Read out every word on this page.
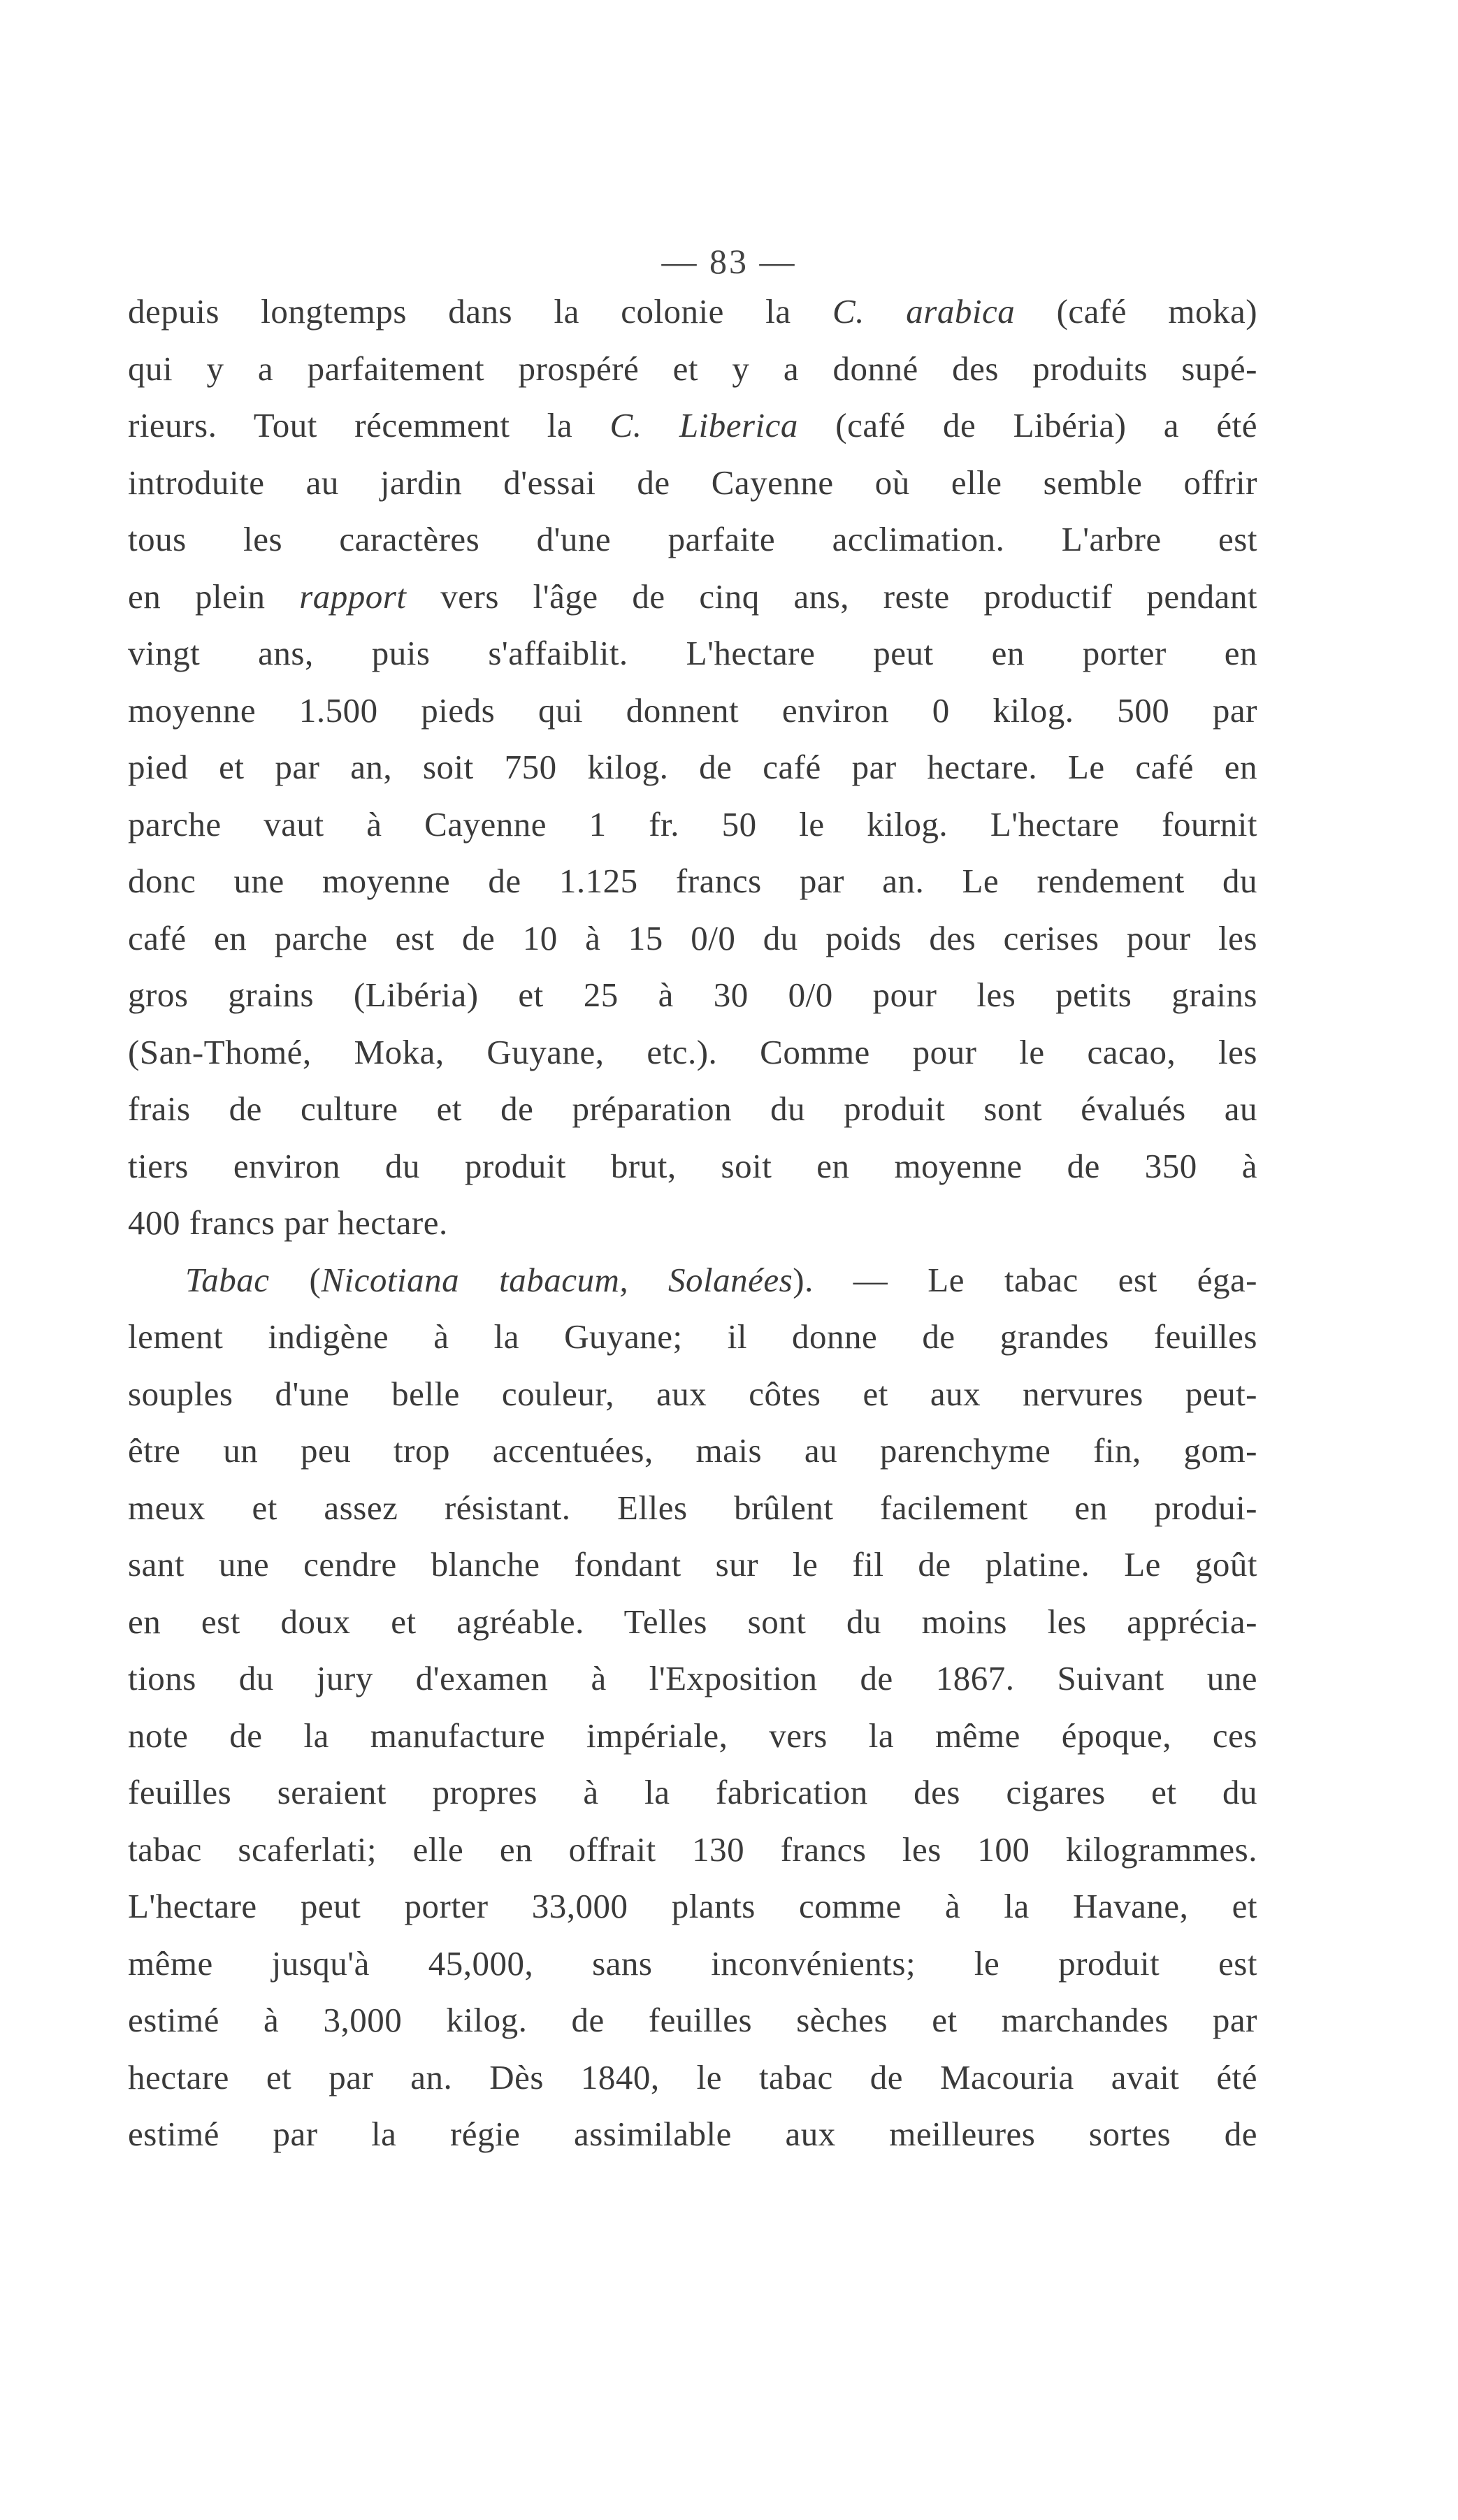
— 83 —
depuis longtemps dans la colonie la C. arabica (café moka)
qui y a parfaitement prospéré et y a donné des produits supé-
rieurs. Tout récemment la C. Liberica (café de Libéria) a été
introduite au jardin d'essai de Cayenne où elle semble offrir
tous les caractères d'une parfaite acclimation. L'arbre est
en plein rapport vers l'âge de cinq ans, reste productif pendant
vingt ans, puis s'affaiblit. L'hectare peut en porter en
moyenne 1.500 pieds qui donnent environ 0 kilog. 500 par
pied et par an, soit 750 kilog. de café par hectare. Le café en
parche vaut à Cayenne 1 fr. 50 le kilog. L'hectare fournit
donc une moyenne de 1.125 francs par an. Le rendement du
café en parche est de 10 à 15 0/0 du poids des cerises pour les
gros grains (Libéria) et 25 à 30 0/0 pour les petits grains
(San-Thomé, Moka, Guyane, etc.). Comme pour le cacao, les
frais de culture et de préparation du produit sont évalués au
tiers environ du produit brut, soit en moyenne de 350 à
400 francs par hectare.
Tabac (Nicotiana tabacum, Solanées). — Le tabac est éga-
lement indigène à la Guyane; il donne de grandes feuilles
souples d'une belle couleur, aux côtes et aux nervures peut-
être un peu trop accentuées, mais au parenchyme fin, gom-
meux et assez résistant. Elles brûlent facilement en produi-
sant une cendre blanche fondant sur le fil de platine. Le goût
en est doux et agréable. Telles sont du moins les apprécia-
tions du jury d'examen à l'Exposition de 1867. Suivant une
note de la manufacture impériale, vers la même époque, ces
feuilles seraient propres à la fabrication des cigares et du
tabac scaferlati; elle en offrait 130 francs les 100 kilogrammes.
L'hectare peut porter 33,000 plants comme à la Havane, et
même jusqu'à 45,000, sans inconvénients; le produit est
estimé à 3,000 kilog. de feuilles sèches et marchandes par
hectare et par an. Dès 1840, le tabac de Macouria avait été
estimé par la régie assimilable aux meilleures sortes de
